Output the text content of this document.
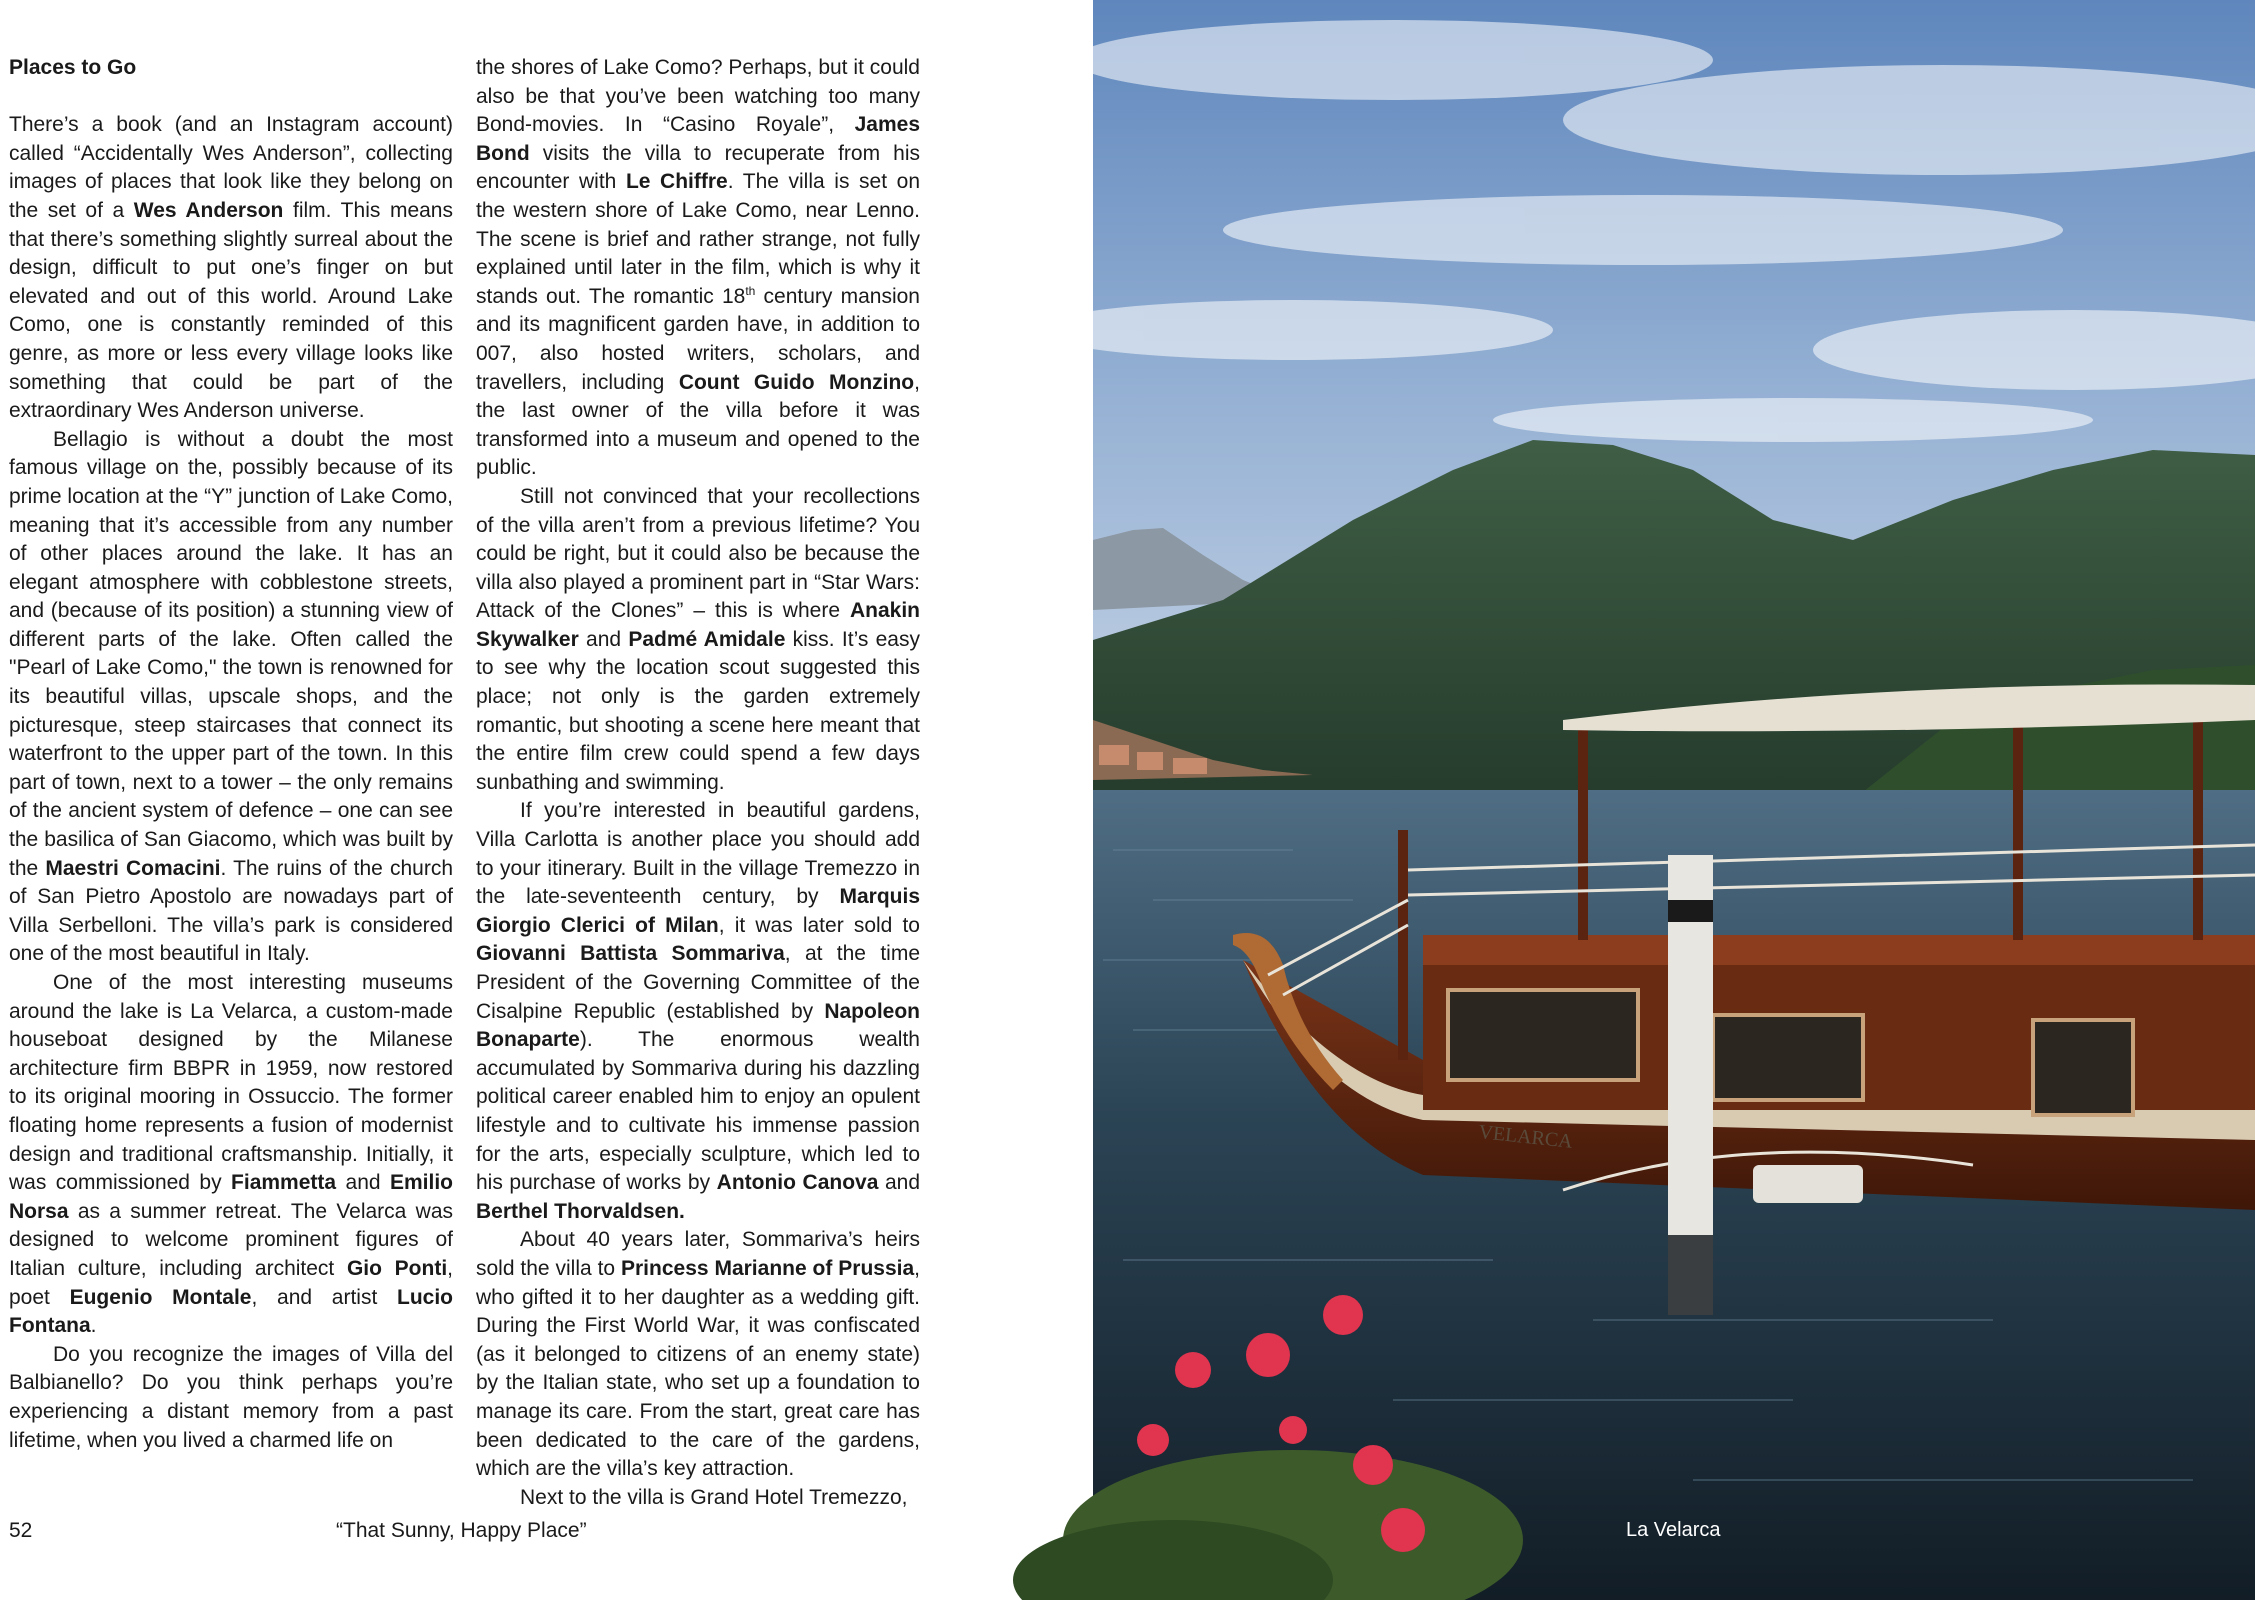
Places to Go

There’s a book (and an Instagram account) called “Accidentally Wes Anderson”, collecting images of places that look like they belong on the set of a Wes Anderson film. This means that there’s something slightly surreal about the design, difficult to put one’s finger on but elevated and out of this world. Around Lake Como, one is constantly reminded of this genre, as more or less every village looks like something that could be part of the extraordinary Wes Anderson universe.

Bellagio is without a doubt the most famous village on the, possibly because of its prime location at the “Y” junction of Lake Como, meaning that it’s accessible from any number of other places around the lake. It has an elegant atmosphere with cobblestone streets, and (because of its position) a stunning view of different parts of the lake. Often called the "Pearl of Lake Como," the town is renowned for its beautiful villas, upscale shops, and the picturesque, steep staircases that connect its waterfront to the upper part of the town. In this part of town, next to a tower – the only remains of the ancient system of defence – one can see the basilica of San Giacomo, which was built by the Maestri Comacini. The ruins of the church of San Pietro Apostolo are nowadays part of Villa Serbelloni. The villa’s park is considered one of the most beautiful in Italy.

One of the most interesting museums around the lake is La Velarca, a custom-made houseboat designed by the Milanese architecture firm BBPR in 1959, now restored to its original mooring in Ossuccio. The former floating home represents a fusion of modernist design and traditional craftsmanship. Initially, it was commissioned by Fiammetta and Emilio Norsa as a summer retreat. The Velarca was designed to welcome prominent figures of Italian culture, including architect Gio Ponti, poet Eugenio Montale, and artist Lucio Fontana.

Do you recognize the images of Villa del Balbianello? Do you think perhaps you’re experiencing a distant memory from a past lifetime, when you lived a charmed life on

the shores of Lake Como? Perhaps, but it could also be that you’ve been watching too many Bond-movies. In “Casino Royale”, James Bond visits the villa to recuperate from his encounter with Le Chiffre. The villa is set on the western shore of Lake Como, near Lenno. The scene is brief and rather strange, not fully explained until later in the film, which is why it stands out. The romantic 18th century mansion and its magnificent garden have, in addition to 007, also hosted writers, scholars, and travellers, including Count Guido Monzino, the last owner of the villa before it was transformed into a museum and opened to the public.

Still not convinced that your recollections of the villa aren’t from a previous lifetime? You could be right, but it could also be because the villa also played a prominent part in “Star Wars: Attack of the Clones” – this is where Anakin Skywalker and Padmé Amidale kiss. It’s easy to see why the location scout suggested this place; not only is the garden extremely romantic, but shooting a scene here meant that the entire film crew could spend a few days sunbathing and swimming.

If you’re interested in beautiful gardens, Villa Carlotta is another place you should add to your itinerary. Built in the village Tremezzo in the late-seventeenth century, by Marquis Giorgio Clerici of Milan, it was later sold to Giovanni Battista Sommariva, at the time President of the Governing Committee of the Cisalpine Republic (established by Napoleon Bonaparte). The enormous wealth accumulated by Sommariva during his dazzling political career enabled him to enjoy an opulent lifestyle and to cultivate his immense passion for the arts, especially sculpture, which led to his purchase of works by Antonio Canova and Berthel Thorvaldsen.

About 40 years later, Sommariva’s heirs sold the villa to Princess Marianne of Prussia, who gifted it to her daughter as a wedding gift. During the First World War, it was confiscated (as it belonged to citizens of an enemy state) by the Italian state, who set up a foundation to manage its care. From the start, great care has been dedicated to the care of the gardens, which are the villa’s key attraction.

Next to the villa is Grand Hotel Tremezzo,

52	“That Sunny, Happy Place”
VELARCA
La Velarca
